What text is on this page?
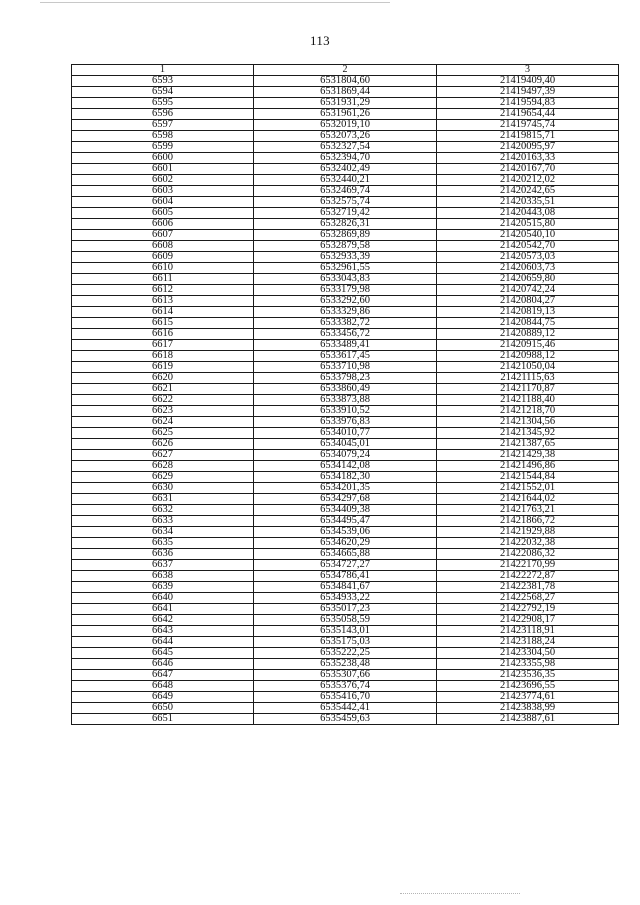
113
1	2	3
6593	6531804,60	21419409,40
6594	6531869,44	21419497,39
6595	6531931,29	21419594,83
6596	6531961,26	21419654,44
6597	6532019,10	21419745,74
6598	6532073,26	21419815,71
6599	6532327,54	21420095,97
6600	6532394,70	21420163,33
6601	6532402,49	21420167,70
6602	6532440,21	21420212,02
6603	6532469,74	21420242,65
6604	6532575,74	21420335,51
6605	6532719,42	21420443,08
6606	6532826,31	21420515,80
6607	6532869,89	21420540,10
6608	6532879,58	21420542,70
6609	6532933,39	21420573,03
6610	6532961,55	21420603,73
6611	6533043,83	21420659,80
6612	6533179,98	21420742,24
6613	6533292,60	21420804,27
6614	6533329,86	21420819,13
6615	6533382,72	21420844,75
6616	6533456,72	21420889,12
6617	6533489,41	21420915,46
6618	6533617,45	21420988,12
6619	6533710,98	21421050,04
6620	6533798,23	21421115,63
6621	6533860,49	21421170,87
6622	6533873,88	21421188,40
6623	6533910,52	21421218,70
6624	6533976,83	21421304,56
6625	6534010,77	21421345,92
6626	6534045,01	21421387,65
6627	6534079,24	21421429,38
6628	6534142,08	21421496,86
6629	6534182,30	21421544,84
6630	6534201,35	21421552,01
6631	6534297,68	21421644,02
6632	6534409,38	21421763,21
6633	6534495,47	21421866,72
6634	6534539,06	21421929,88
6635	6534620,29	21422032,38
6636	6534665,88	21422086,32
6637	6534727,27	21422170,99
6638	6534786,41	21422272,87
6639	6534841,67	21422381,78
6640	6534933,22	21422568,27
6641	6535017,23	21422792,19
6642	6535058,59	21422908,17
6643	6535143,01	21423118,91
6644	6535175,03	21423188,24
6645	6535222,25	21423304,50
6646	6535238,48	21423355,98
6647	6535307,66	21423536,35
6648	6535376,74	21423696,55
6649	6535416,70	21423774,61
6650	6535442,41	21423838,99
6651	6535459,63	21423887,61
